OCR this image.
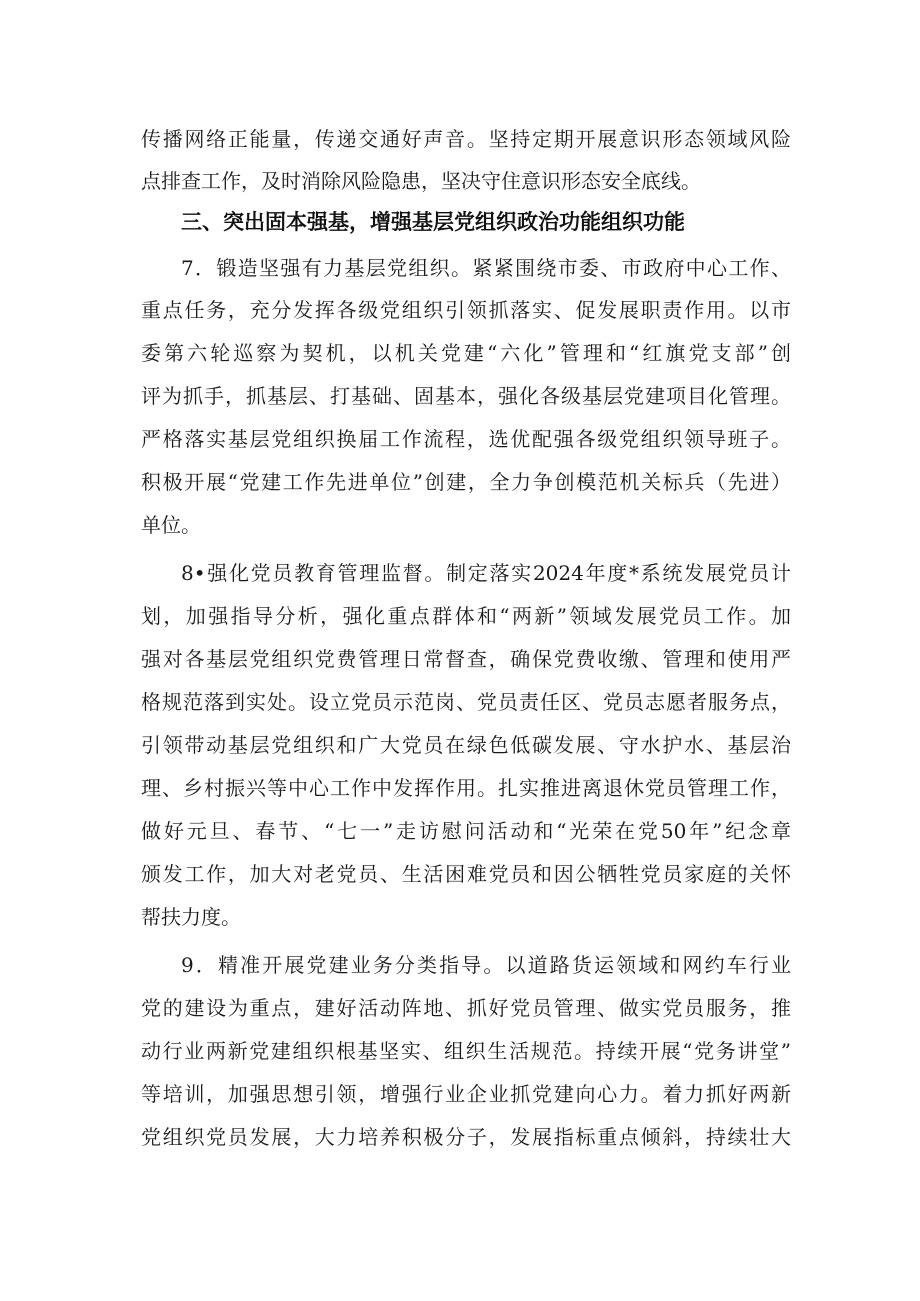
传播网络正能量，传递交通好声音。坚持定期开展意识形态领域风险
点排查工作，及时消除风险隐患，坚决守住意识形态安全底线。
三、突出固本强基，增强基层党组织政治功能组织功能
7．锻造坚强有力基层党组织。紧紧围绕市委、市政府中心工作、
重点任务，充分发挥各级党组织引领抓落实、促发展职责作用。以市
委第六轮巡察为契机，以机关党建“六化”管理和“红旗党支部”创
评为抓手，抓基层、打基础、固基本，强化各级基层党建项目化管理。
严格落实基层党组织换届工作流程，选优配强各级党组织领导班子。
积极开展“党建工作先进单位”创建，全力争创模范机关标兵（先进）
单位。
8•强化党员教育管理监督。制定落实2024年度*系统发展党员计
划，加强指导分析，强化重点群体和“两新”领域发展党员工作。加
强对各基层党组织党费管理日常督查，确保党费收缴、管理和使用严
格规范落到实处。设立党员示范岗、党员责任区、党员志愿者服务点，
引领带动基层党组织和广大党员在绿色低碳发展、守水护水、基层治
理、乡村振兴等中心工作中发挥作用。扎实推进离退休党员管理工作，
做好元旦、春节、“七一”走访慰问活动和“光荣在党50年”纪念章
颁发工作，加大对老党员、生活困难党员和因公牺牲党员家庭的关怀
帮扶力度。
9．精准开展党建业务分类指导。以道路货运领域和网约车行业
党的建设为重点，建好活动阵地、抓好党员管理、做实党员服务，推
动行业两新党建组织根基坚实、组织生活规范。持续开展“党务讲堂”
等培训，加强思想引领，增强行业企业抓党建向心力。着力抓好两新
党组织党员发展，大力培养积极分子，发展指标重点倾斜，持续壮大
